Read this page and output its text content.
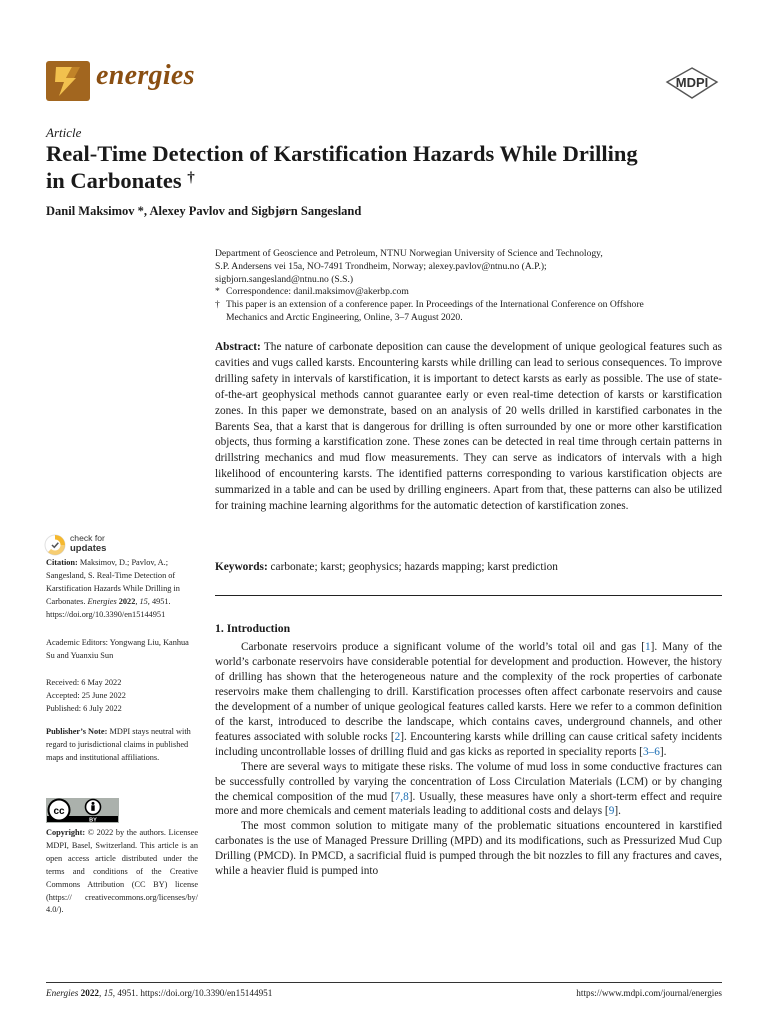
energies	MDPI
Article
Real-Time Detection of Karstification Hazards While Drilling
in Carbonates †
Danil Maksimov *, Alexey Pavlov and Sigbjørn Sangesland
Department of Geoscience and Petroleum, NTNU Norwegian University of Science and Technology,
S.P. Andersens vei 15a, NO-7491 Trondheim, Norway; alexey.pavlov@ntnu.no (A.P.);
sigbjorn.sangesland@ntnu.no (S.S.)
* Correspondence: danil.maksimov@akerbp.com
† This paper is an extension of a conference paper. In Proceedings of the International Conference on Offshore
Mechanics and Arctic Engineering, Online, 3–7 August 2020.
Abstract: The nature of carbonate deposition can cause the development of unique geological features such as cavities and vugs called karsts. Encountering karsts while drilling can lead to serious consequences. To improve drilling safety in intervals of karstification, it is important to detect karsts as early as possible. The use of state-of-the-art geophysical methods cannot guarantee early or even real-time detection of karsts or karstification zones. In this paper we demonstrate, based on an analysis of 20 wells drilled in karstified carbonates in the Barents Sea, that a karst that is dangerous for drilling is often surrounded by one or more other karstification objects, thus forming a karstification zone. These zones can be detected in real time through certain patterns in drillstring mechanics and mud flow measurements. They can serve as indicators of intervals with a high likelihood of encountering karsts. The identified patterns corresponding to various karstification objects are summarized in a table and can be used by drilling engineers. Apart from that, these patterns can also be utilized for training machine learning algorithms for the automatic detection of karstification zones.
Keywords: carbonate; karst; geophysics; hazards mapping; karst prediction
check for
updates
Citation: Maksimov, D.; Pavlov, A.; Sangesland, S. Real-Time Detection of Karstification Hazards While Drilling in Carbonates. Energies 2022, 15, 4951. https://doi.org/10.3390/en15144951
Academic Editors: Yongwang Liu, Kanhua Su and Yuanxiu Sun
Received: 6 May 2022
Accepted: 25 June 2022
Published: 6 July 2022
Publisher’s Note: MDPI stays neutral with regard to jurisdictional claims in published maps and institutional affiliations.
cc
BY
Copyright: © 2022 by the authors. Licensee MDPI, Basel, Switzerland. This article is an open access article distributed under the terms and conditions of the Creative Commons Attribution (CC BY) license (https:// creativecommons.org/licenses/by/ 4.0/).
1. Introduction

Carbonate reservoirs produce a significant volume of the world’s total oil and gas [1]. Many of the world’s carbonate reservoirs have considerable potential for development and production. However, the history of drilling has shown that the heterogeneous nature and the complexity of the rock properties of carbonate reservoirs make them challenging to drill. Karstification processes often affect carbonate reservoirs and cause the development of a number of unique geological features called karsts. Here we refer to a common definition of the karst, introduced to describe the landscape, which contains caves, underground channels, and other features associated with soluble rocks [2]. Encountering karsts while drilling can cause critical safety incidents including uncontrollable losses of drilling fluid and gas kicks as reported in speciality reports [3–6].

There are several ways to mitigate these risks. The volume of mud loss in some conductive fractures can be successfully controlled by varying the concentration of Loss Circulation Materials (LCM) or by changing the chemical composition of the mud [7,8]. Usually, these measures have only a short-term effect and require more and more chemicals and cement materials leading to additional costs and delays [9].

The most common solution to mitigate many of the problematic situations encountered in karstified carbonates is the use of Managed Pressure Drilling (MPD) and its modifications, such as Pressurized Mud Cup Drilling (PMCD). In PMCD, a sacrificial fluid is pumped through the bit nozzles to fill any fractures and caves, while a heavier fluid is pumped into

Energies 2022, 15, 4951. https://doi.org/10.3390/en15144951	https://www.mdpi.com/journal/energies
